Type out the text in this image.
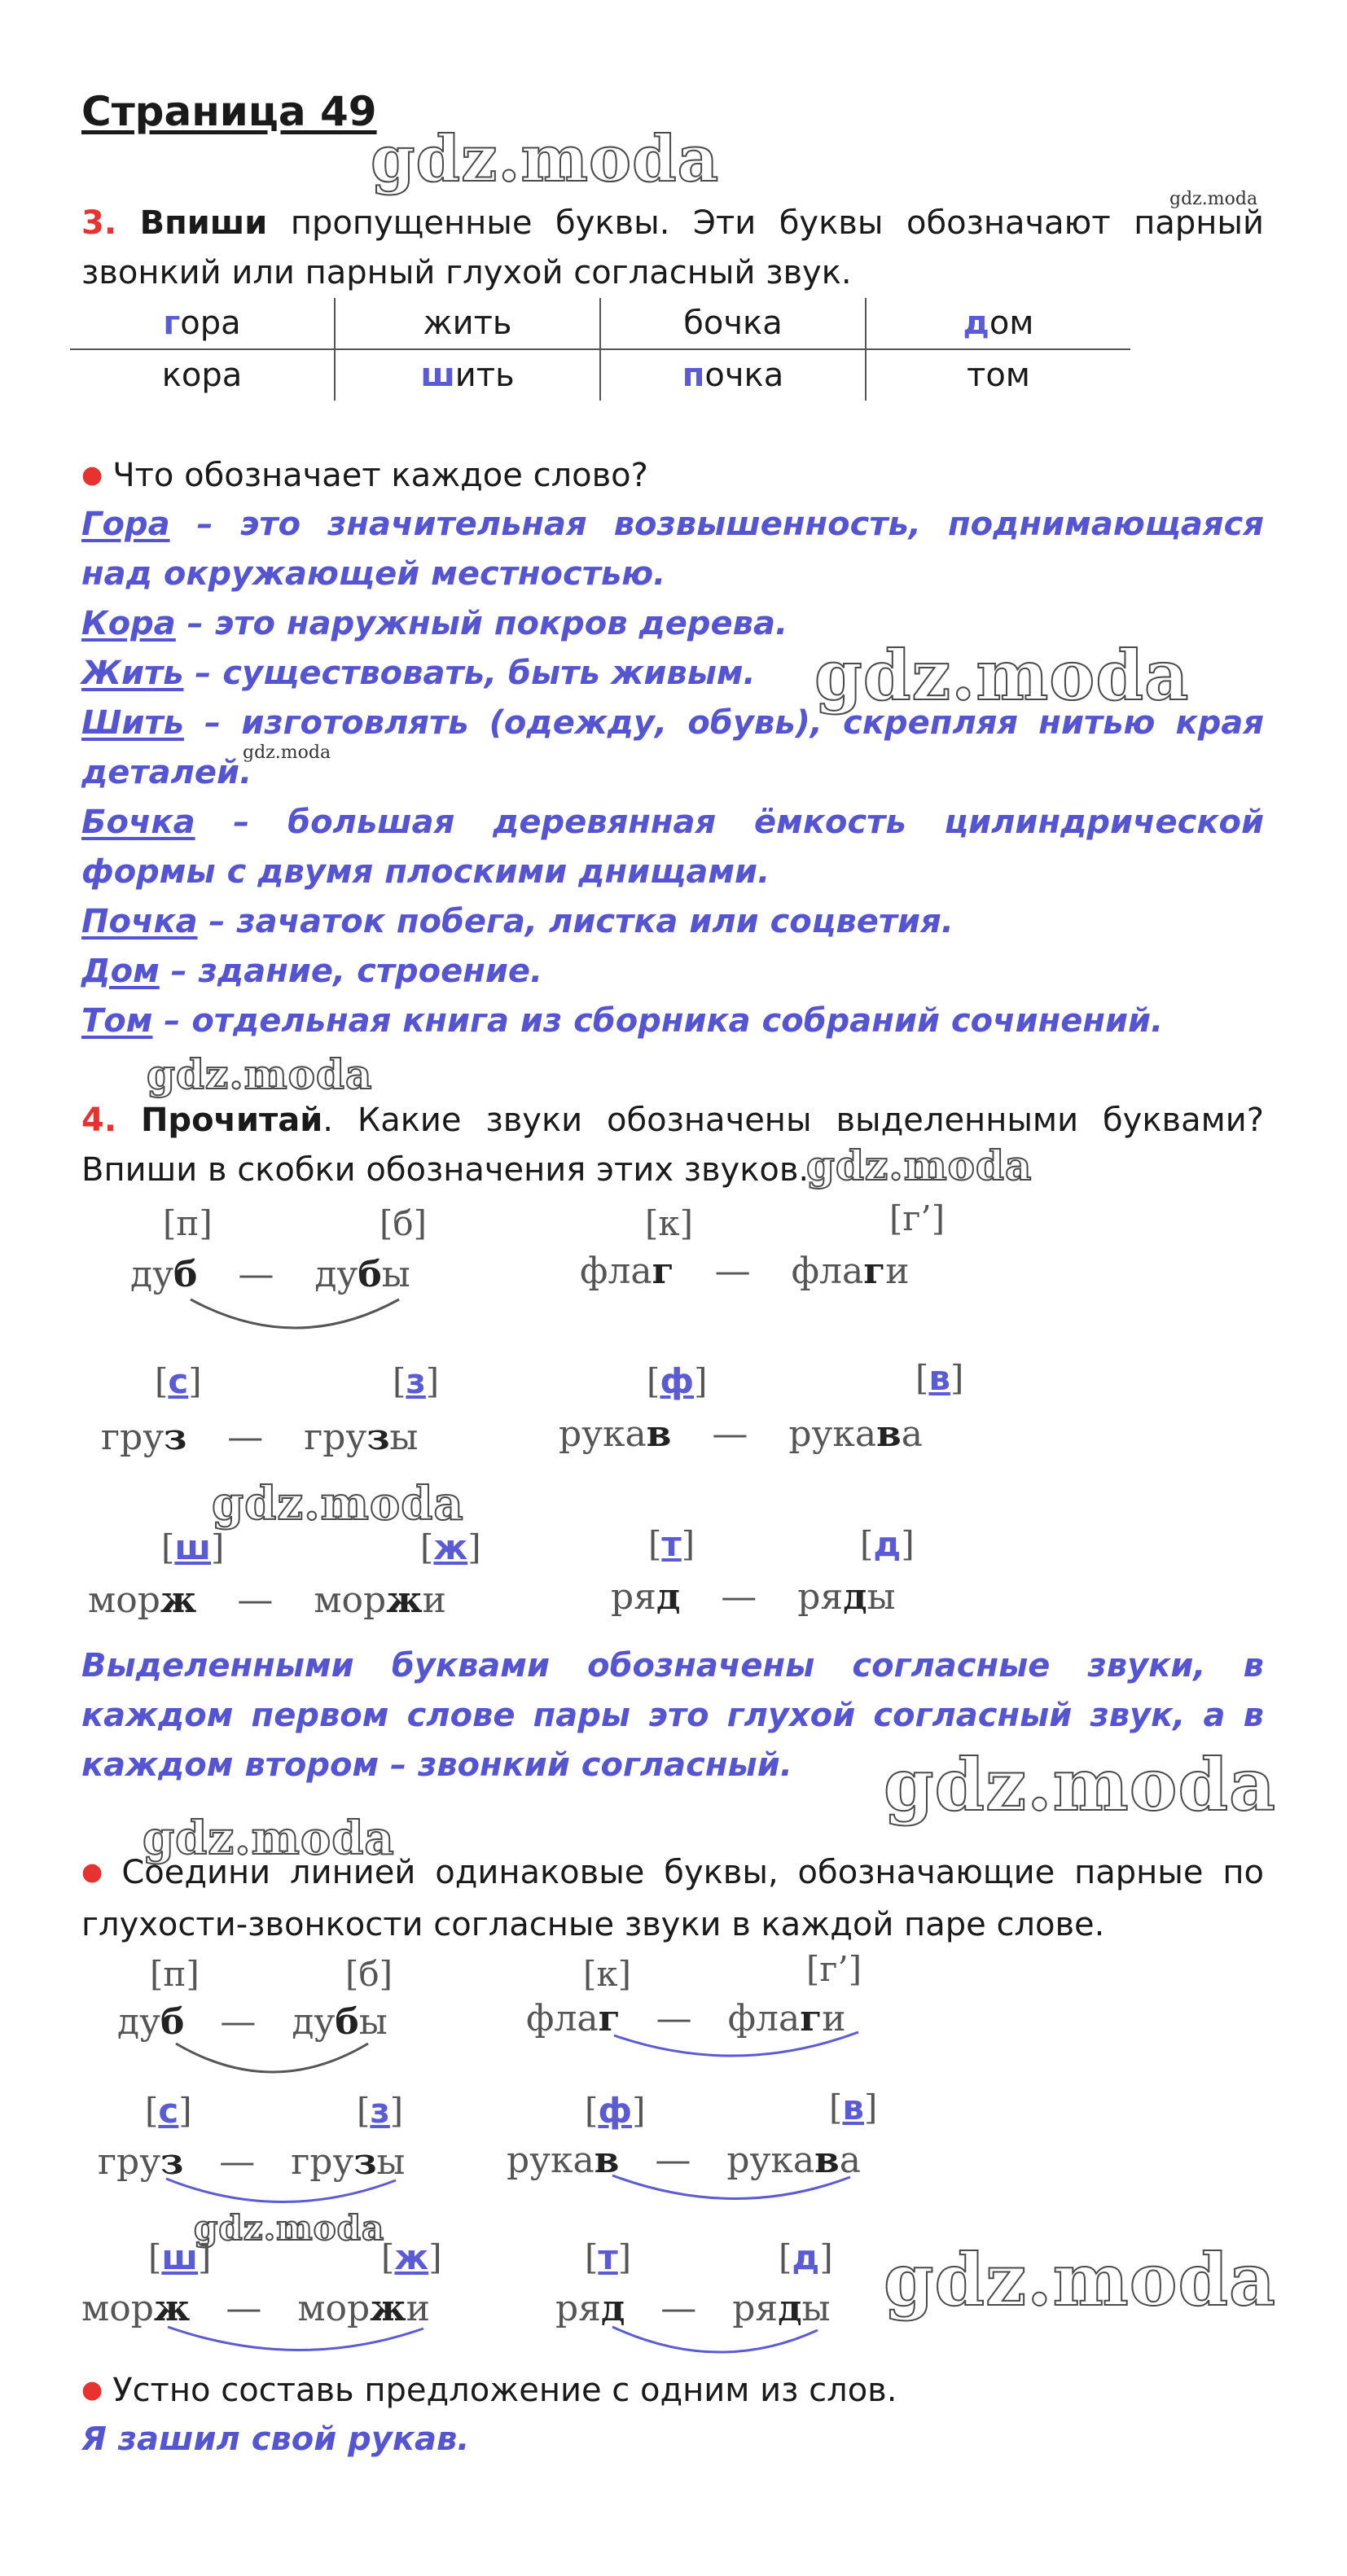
Страница 49
gdz.moda
gdz.moda
gdz.moda
gdz.moda
gdz.moda
gdz.moda
gdz.moda
gdz.moda
gdz.moda
gdz.moda
gdz.moda
3. Впиши пропущенные буквы. Эти буквы обозначают парный звонкий или парный глухой согласный звук.
гора	жить	бочка	дом
кора	шить	почка	том
● Что обозначает каждое слово?
Гора – это значительная возвышенность, поднимающаяся над окружающей местностью.
Кора – это наружный покров дерева.
Жить – существовать, быть живым.
Шить – изготовлять (одежду, обувь), скрепляя нитью края деталей.
Бочка – большая деревянная ёмкость цилиндрической формы с двумя плоскими днищами.
Почка – зачаток побега, листка или соцветия.
Дом – здание, строение.
Том – отдельная книга из сборника собраний сочинений.
4. Прочитай. Какие звуки обозначены выделенными буквами? Впиши в скобки обозначения этих звуков.
[п]	[б]
дуб — дубы
[к]	[г’]
флаг — флаги
[с]	[з]
груз — грузы
[ф]	[в]
рукав — рукава
[ш]	[ж]
морж — моржи
[т]	[д]
ряд — ряды
Выделенными буквами обозначены согласные звуки, в каждом первом слове пары это глухой согласный звук, а в каждом втором – звонкий согласный.
● Соедини линией одинаковые буквы, обозначающие парные по глухости-звонкости согласные звуки в каждой паре слове.
[п]	[б]
дуб — дубы
[к]	[г’]
флаг — флаги
[с]	[з]
груз — грузы
[ф]	[в]
рукав — рукава
[ш]	[ж]
морж — моржи
[т]	[д]
ряд — ряды
● Устно составь предложение с одним из слов.
Я зашил свой рукав.
